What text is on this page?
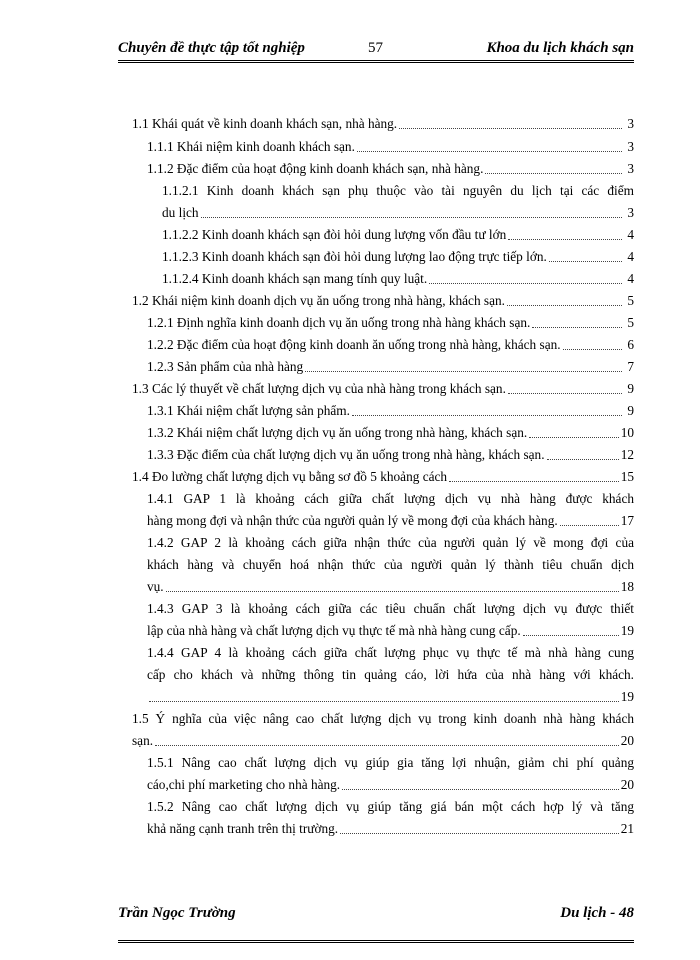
Chuyên đề thực tập tốt nghiệp	57	Khoa du lịch khách sạn
1.1 Khái quát về kinh doanh khách sạn, nhà hàng.	3
1.1.1 Khái niệm kinh doanh khách sạn.	3
1.1.2 Đặc điểm của hoạt động kinh doanh khách sạn, nhà hàng.	3
1.1.2.1 Kinh doanh khách sạn phụ thuộc vào tài nguyên du lịch tại các điểm
du lịch	3
1.1.2.2 Kinh doanh khách sạn đòi hỏi dung lượng vốn đầu tư lớn	4
1.1.2.3 Kinh doanh khách sạn đòi hỏi dung lượng lao động trực tiếp lớn.	4
1.1.2.4 Kinh doanh khách sạn mang tính quy luật.	4
1.2 Khái niệm kinh doanh dịch vụ ăn uống trong nhà hàng, khách sạn.	5
1.2.1 Định nghĩa kinh doanh dịch vụ ăn uống trong nhà hàng khách sạn.	5
1.2.2 Đặc điểm của hoạt động kinh doanh ăn uống trong nhà hàng, khách sạn.	6
1.2.3 Sản phẩm của nhà hàng	7
1.3 Các lý thuyết về chất lượng dịch vụ của nhà hàng trong khách sạn.	9
1.3.1 Khái niệm chất lượng sản phẩm.	9
1.3.2 Khái niệm chất lượng dịch vụ ăn uống trong nhà hàng, khách sạn.	10
1.3.3 Đặc điểm của chất lượng dịch vụ ăn uống trong nhà hàng, khách sạn.	12
1.4 Đo lường chất lượng dịch vụ bằng sơ đồ 5 khoảng cách	15
1.4.1 GAP 1 là khoảng cách giữa chất lượng dịch vụ nhà hàng được khách
hàng mong đợi và nhận thức của người quản lý về mong đợi của khách hàng.	17
1.4.2 GAP 2 là khoảng cách giữa nhận thức của người quản lý về mong đợi của
khách hàng và chuyển hoá nhận thức của người quản lý thành tiêu chuẩn dịch
vụ.	18
1.4.3 GAP 3 là khoảng cách giữa các tiêu chuẩn chất lượng dịch vụ được thiết
lập của nhà hàng và chất lượng dịch vụ thực tế mà nhà hàng cung cấp.	19
1.4.4 GAP 4 là khoảng cách giữa chất lượng phục vụ thực tế mà nhà hàng cung
cấp cho khách và những thông tin quảng cáo, lời hứa của nhà hàng với khách.
19
1.5 Ý nghĩa của việc nâng cao chất lượng dịch vụ trong kinh doanh nhà hàng khách
sạn.	20
1.5.1 Nâng cao chất lượng dịch vụ giúp gia tăng lợi nhuận, giảm chi phí quảng
cáo,chi phí marketing cho nhà hàng.	20
1.5.2 Nâng cao chất lượng dịch vụ giúp tăng giá bán một cách hợp lý và tăng
khả năng cạnh tranh trên thị trường.	21
Trần Ngọc Trường	Du lịch - 48
